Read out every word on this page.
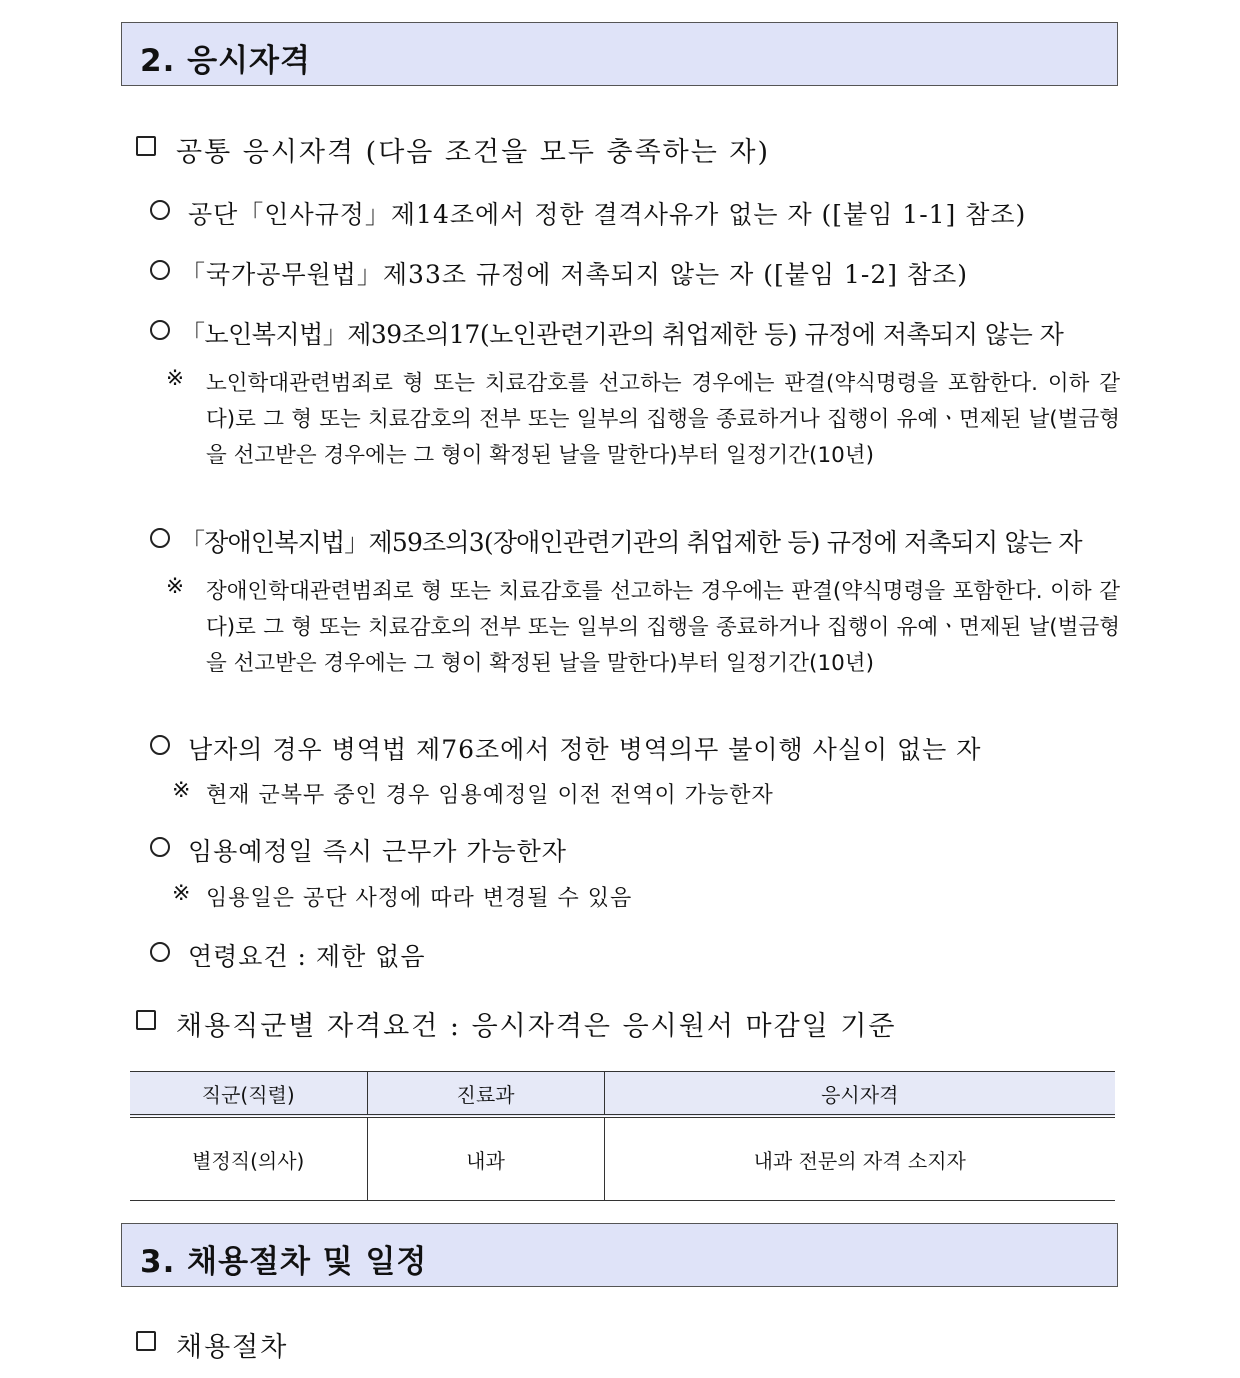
2. 응시자격
공통 응시자격 (다음 조건을 모두 충족하는 자)
공단「인사규정」제14조에서 정한 결격사유가 없는 자 ([붙임 1-1] 참조)
「국가공무원법」제33조 규정에 저촉되지 않는 자 ([붙임 1-2] 참조)
「노인복지법」제39조의17(노인관련기관의 취업제한 등) 규정에 저촉되지 않는 자
※ 노인학대관련범죄로 형 또는 치료감호를 선고하는 경우에는 판결(약식명령을 포함한다. 이하 같다)로 그 형 또는 치료감호의 전부 또는 일부의 집행을 종료하거나 집행이 유예ㆍ면제된 날(벌금형을 선고받은 경우에는 그 형이 확정된 날을 말한다)부터 일정기간(10년)
「장애인복지법」제59조의3(장애인관련기관의 취업제한 등) 규정에 저촉되지 않는 자
※ 장애인학대관련범죄로 형 또는 치료감호를 선고하는 경우에는 판결(약식명령을 포함한다. 이하 같다)로 그 형 또는 치료감호의 전부 또는 일부의 집행을 종료하거나 집행이 유예ㆍ면제된 날(벌금형을 선고받은 경우에는 그 형이 확정된 날을 말한다)부터 일정기간(10년)
남자의 경우 병역법 제76조에서 정한 병역의무 불이행 사실이 없는 자
※ 현재 군복무 중인 경우 임용예정일 이전 전역이 가능한자
임용예정일 즉시 근무가 가능한자
※ 임용일은 공단 사정에 따라 변경될 수 있음
연령요건 : 제한 없음
채용직군별 자격요건 : 응시자격은 응시원서 마감일 기준
직군(직렬)	진료과	응시자격
별정직(의사)	내과	내과 전문의 자격 소지자
3. 채용절차 및 일정
채용절차
